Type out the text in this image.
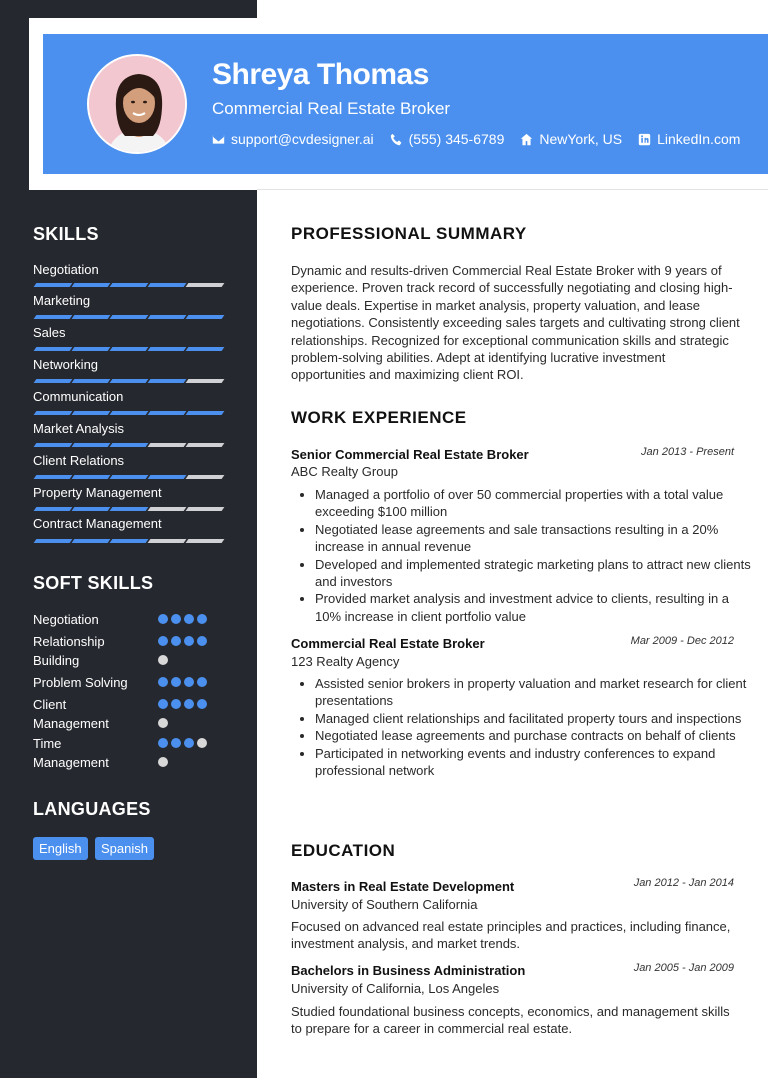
Shreya Thomas
Commercial Real Estate Broker
support@cvdesigner.ai	(555) 345-6789	NewYork, US	LinkedIn.com
SKILLS
Negotiation
Marketing
Sales
Networking
Communication
Market Analysis
Client Relations
Property Management
Contract Management
SOFT SKILLS
Negotiation
Relationship Building
Problem Solving
Client Management
Time Management
LANGUAGES
English	Spanish
PROFESSIONAL SUMMARY
Dynamic and results-driven Commercial Real Estate Broker with 9 years of experience. Proven track record of successfully negotiating and closing high-value deals. Expertise in market analysis, property valuation, and lease negotiations. Consistently exceeding sales targets and cultivating strong client relationships. Recognized for exceptional communication skills and strategic problem-solving abilities. Adept at identifying lucrative investment opportunities and maximizing client ROI.
WORK EXPERIENCE
Senior Commercial Real Estate Broker	Jan 2013 - Present
ABC Realty Group
• Managed a portfolio of over 50 commercial properties with a total value exceeding $100 million
• Negotiated lease agreements and sale transactions resulting in a 20% increase in annual revenue
• Developed and implemented strategic marketing plans to attract new clients and investors
• Provided market analysis and investment advice to clients, resulting in a 10% increase in client portfolio value
Commercial Real Estate Broker	Mar 2009 - Dec 2012
123 Realty Agency
• Assisted senior brokers in property valuation and market research for client presentations
• Managed client relationships and facilitated property tours and inspections
• Negotiated lease agreements and purchase contracts on behalf of clients
• Participated in networking events and industry conferences to expand professional network
EDUCATION
Masters in Real Estate Development	Jan 2012 - Jan 2014
University of Southern California
Focused on advanced real estate principles and practices, including finance, investment analysis, and market trends.
Bachelors in Business Administration	Jan 2005 - Jan 2009
University of California, Los Angeles
Studied foundational business concepts, economics, and management skills to prepare for a career in commercial real estate.
